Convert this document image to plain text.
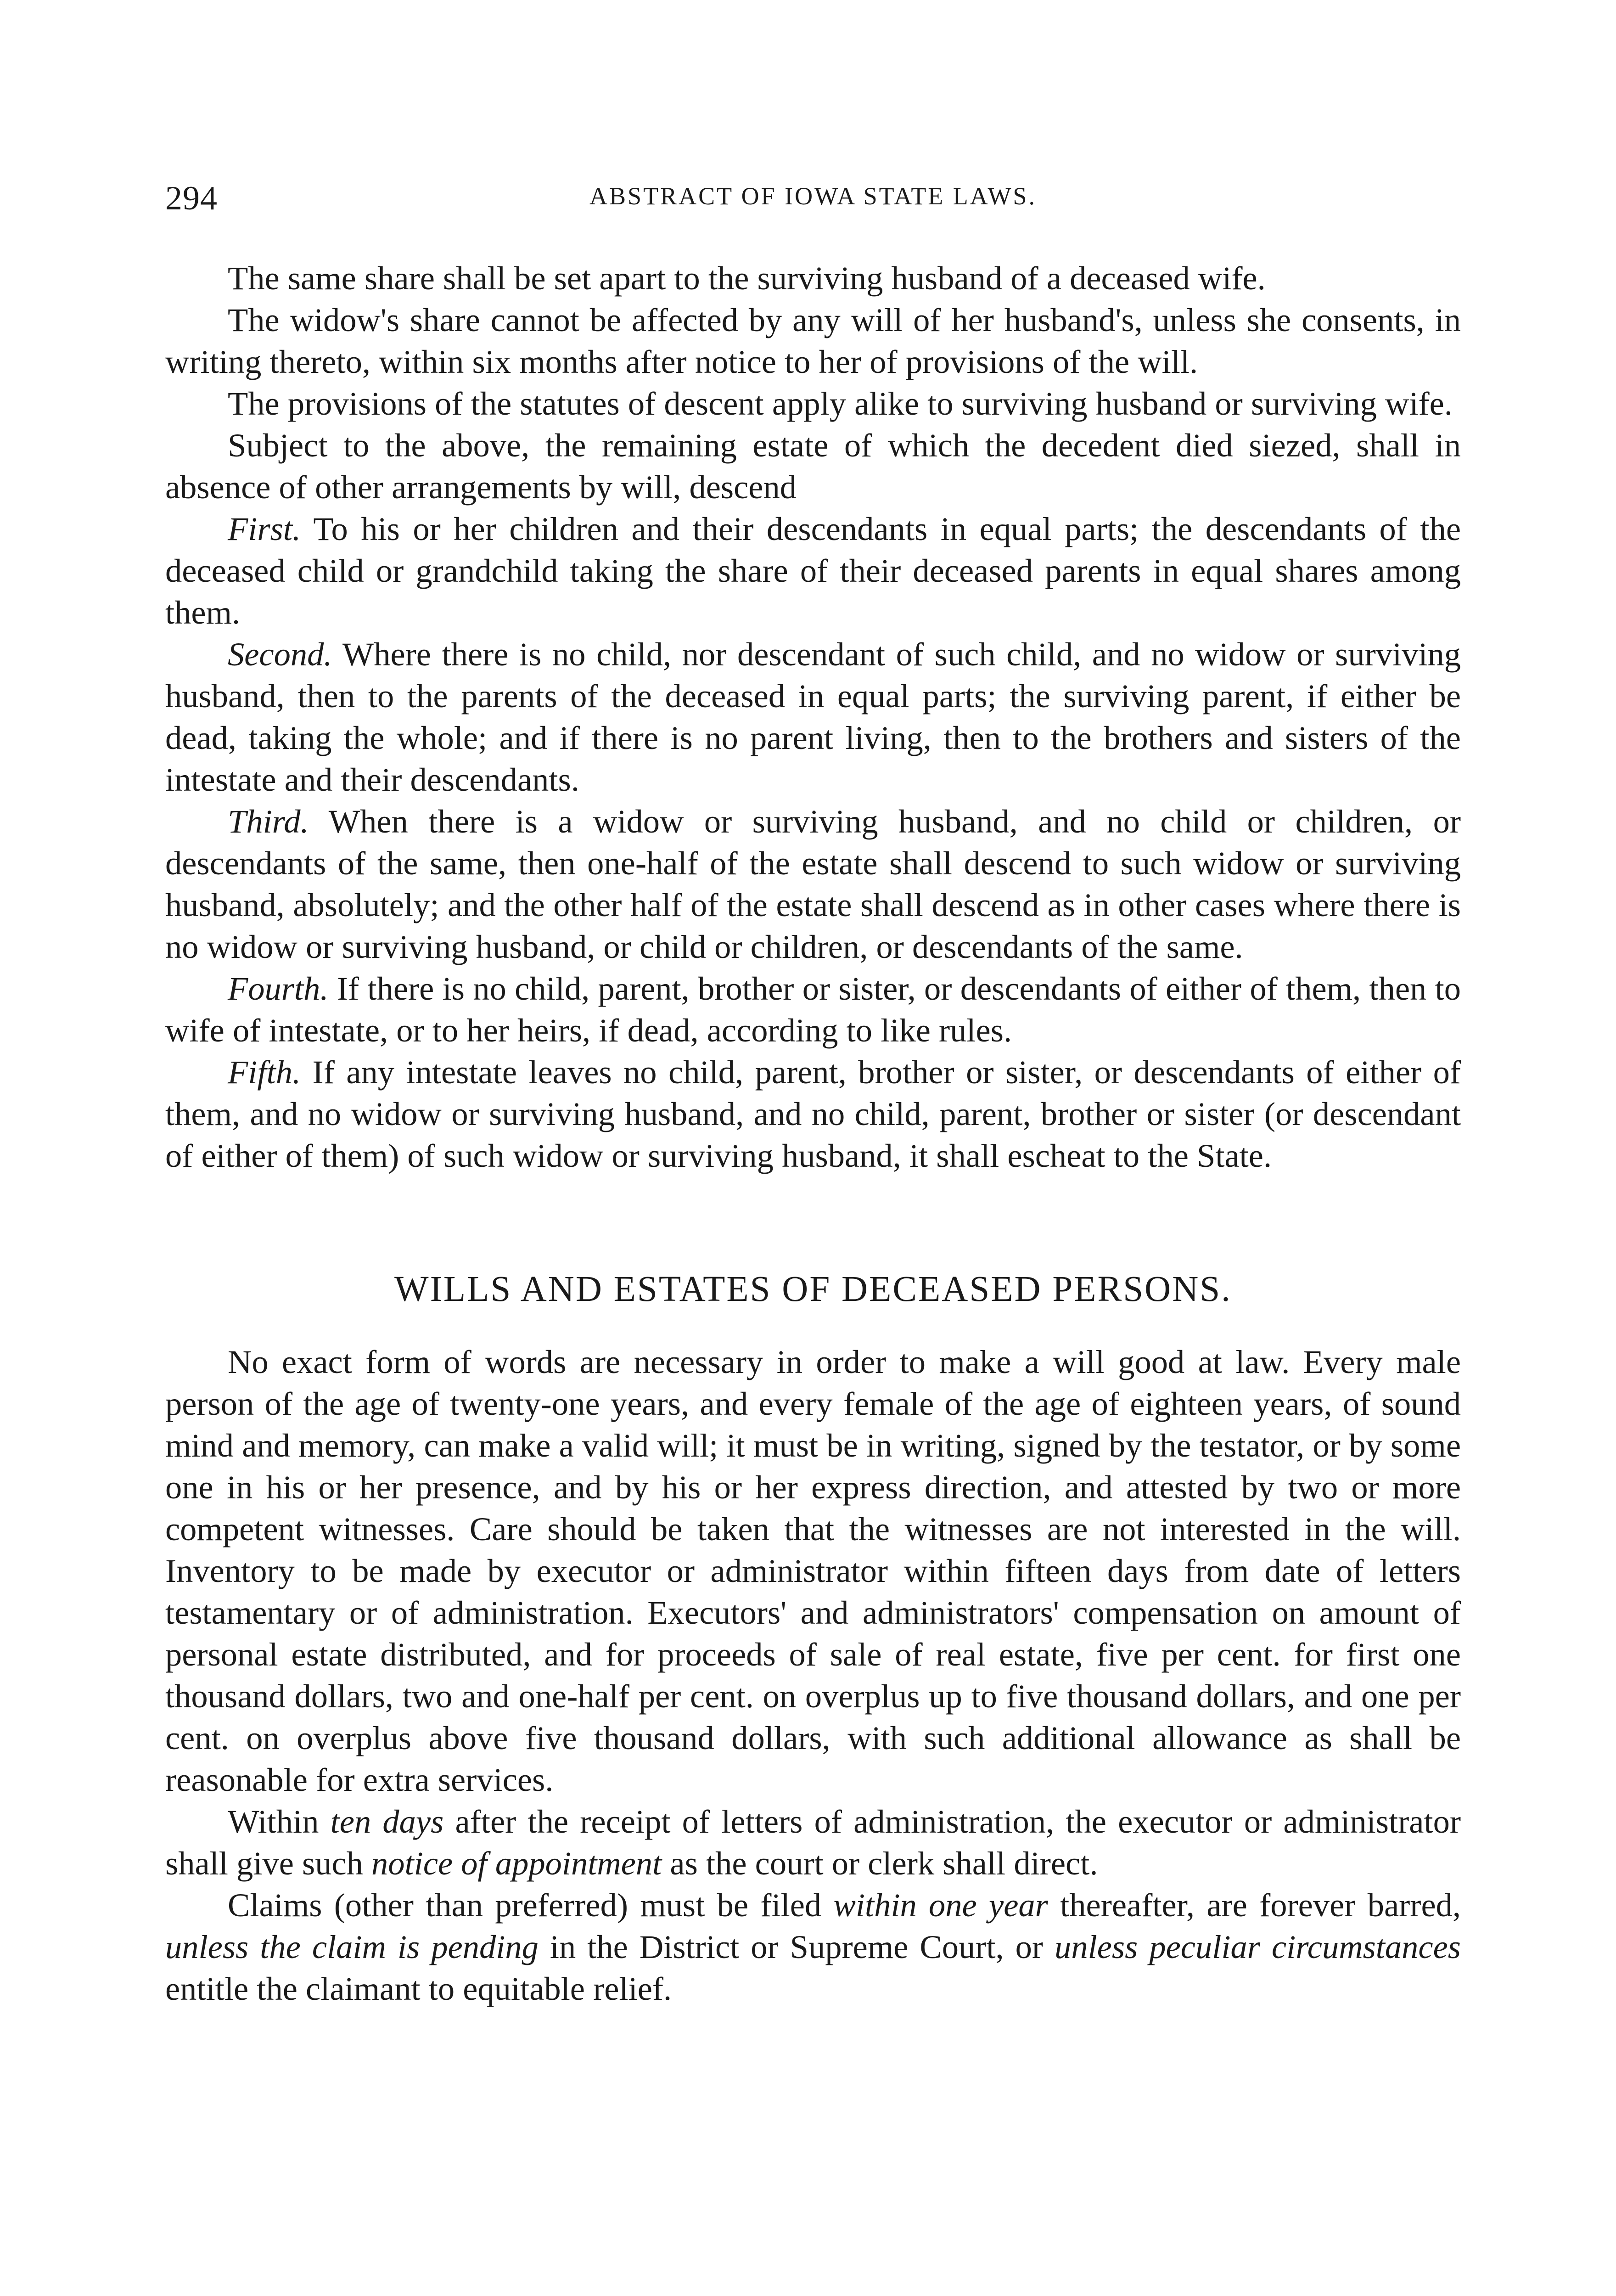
294	ABSTRACT OF IOWA STATE LAWS.

The same share shall be set apart to the surviving husband of a deceased wife.

The widow's share cannot be affected by any will of her husband's, unless she consents, in writing thereto, within six months after notice to her of provisions of the will.

The provisions of the statutes of descent apply alike to surviving husband or surviving wife.

Subject to the above, the remaining estate of which the decedent died siezed, shall in absence of other arrangements by will, descend

First. To his or her children and their descendants in equal parts; the descendants of the deceased child or grandchild taking the share of their deceased parents in equal shares among them.

Second. Where there is no child, nor descendant of such child, and no widow or surviving husband, then to the parents of the deceased in equal parts; the surviving parent, if either be dead, taking the whole; and if there is no parent living, then to the brothers and sisters of the intestate and their descendants.

Third. When there is a widow or surviving husband, and no child or children, or descendants of the same, then one-half of the estate shall descend to such widow or surviving husband, absolutely; and the other half of the estate shall descend as in other cases where there is no widow or surviving husband, or child or children, or descendants of the same.

Fourth. If there is no child, parent, brother or sister, or descendants of either of them, then to wife of intestate, or to her heirs, if dead, according to like rules.

Fifth. If any intestate leaves no child, parent, brother or sister, or descendants of either of them, and no widow or surviving husband, and no child, parent, brother or sister (or descendant of either of them) of such widow or surviving husband, it shall escheat to the State.

WILLS AND ESTATES OF DECEASED PERSONS.

No exact form of words are necessary in order to make a will good at law. Every male person of the age of twenty-one years, and every female of the age of eighteen years, of sound mind and memory, can make a valid will; it must be in writing, signed by the testator, or by some one in his or her presence, and by his or her express direction, and attested by two or more competent witnesses. Care should be taken that the witnesses are not interested in the will. Inventory to be made by executor or administrator within fifteen days from date of letters testamentary or of administration. Executors' and administrators' compensation on amount of personal estate distributed, and for proceeds of sale of real estate, five per cent. for first one thousand dollars, two and one-half per cent. on overplus up to five thousand dollars, and one per cent. on overplus above five thousand dollars, with such additional allowance as shall be reasonable for extra services.

Within ten days after the receipt of letters of administration, the executor or administrator shall give such notice of appointment as the court or clerk shall direct.

Claims (other than preferred) must be filed within one year thereafter, are forever barred, unless the claim is pending in the District or Supreme Court, or unless peculiar circumstances entitle the claimant to equitable relief.
